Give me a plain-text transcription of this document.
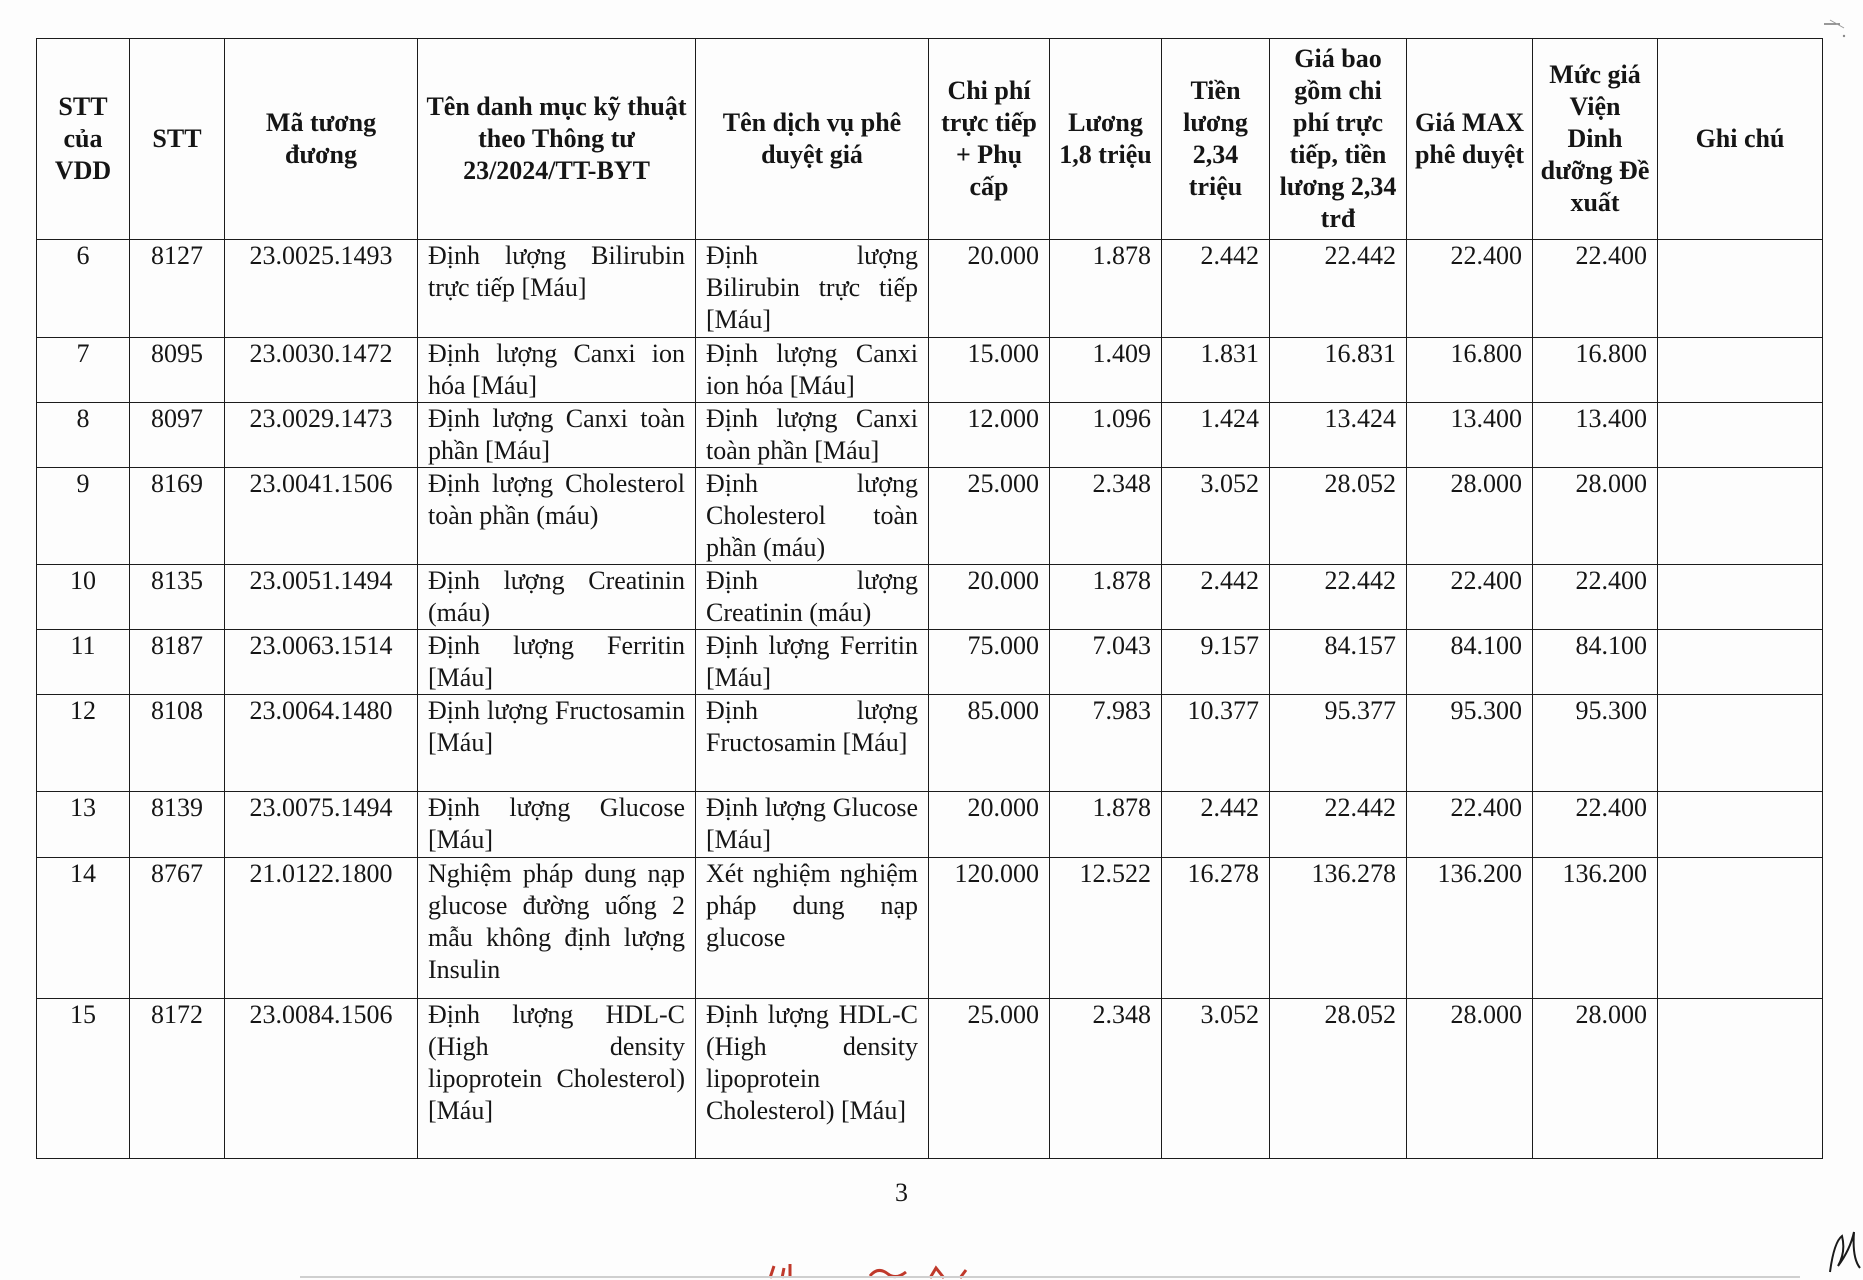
STT của VDD	STT	Mã tương đương	Tên danh mục kỹ thuật theo Thông tư 23/2024/TT-BYT	Tên dịch vụ phê duyệt giá	Chi phí trực tiếp + Phụ cấp	Lương 1,8 triệu	Tiền lương 2,34 triệu	Giá bao gồm chi phí trực tiếp, tiền lương 2,34 trđ	Giá MAX phê duyệt	Mức giá Viện Dinh dưỡng Đề xuất	Ghi chú
6	8127	23.0025.1493	Định lượng Bilirubin trực tiếp [Máu]	Định lượng Bilirubin trực tiếp [Máu]	20.000	1.878	2.442	22.442	22.400	22.400	
7	8095	23.0030.1472	Định lượng Canxi ion hóa [Máu]	Định lượng Canxi ion hóa [Máu]	15.000	1.409	1.831	16.831	16.800	16.800	
8	8097	23.0029.1473	Định lượng Canxi toàn phần [Máu]	Định lượng Canxi toàn phần [Máu]	12.000	1.096	1.424	13.424	13.400	13.400	
9	8169	23.0041.1506	Định lượng Cholesterol toàn phần (máu)	Định lượng Cholesterol toàn phần (máu)	25.000	2.348	3.052	28.052	28.000	28.000	
10	8135	23.0051.1494	Định lượng Creatinin (máu)	Định lượng Creatinin (máu)	20.000	1.878	2.442	22.442	22.400	22.400	
11	8187	23.0063.1514	Định lượng Ferritin [Máu]	Định lượng Ferritin [Máu]	75.000	7.043	9.157	84.157	84.100	84.100	
12	8108	23.0064.1480	Định lượng Fructosamin [Máu]	Định lượng Fructosamin [Máu]	85.000	7.983	10.377	95.377	95.300	95.300	
13	8139	23.0075.1494	Định lượng Glucose [Máu]	Định lượng Glucose [Máu]	20.000	1.878	2.442	22.442	22.400	22.400	
14	8767	21.0122.1800	Nghiệm pháp dung nạp glucose đường uống 2 mẫu không định lượng Insulin	Xét nghiệm nghiệm pháp dung nạp glucose	120.000	12.522	16.278	136.278	136.200	136.200	
15	8172	23.0084.1506	Định lượng HDL-C (High density lipoprotein Cholesterol) [Máu]	Định lượng HDL-C (High density lipoprotein Cholesterol) [Máu]	25.000	2.348	3.052	28.052	28.000	28.000	
3
